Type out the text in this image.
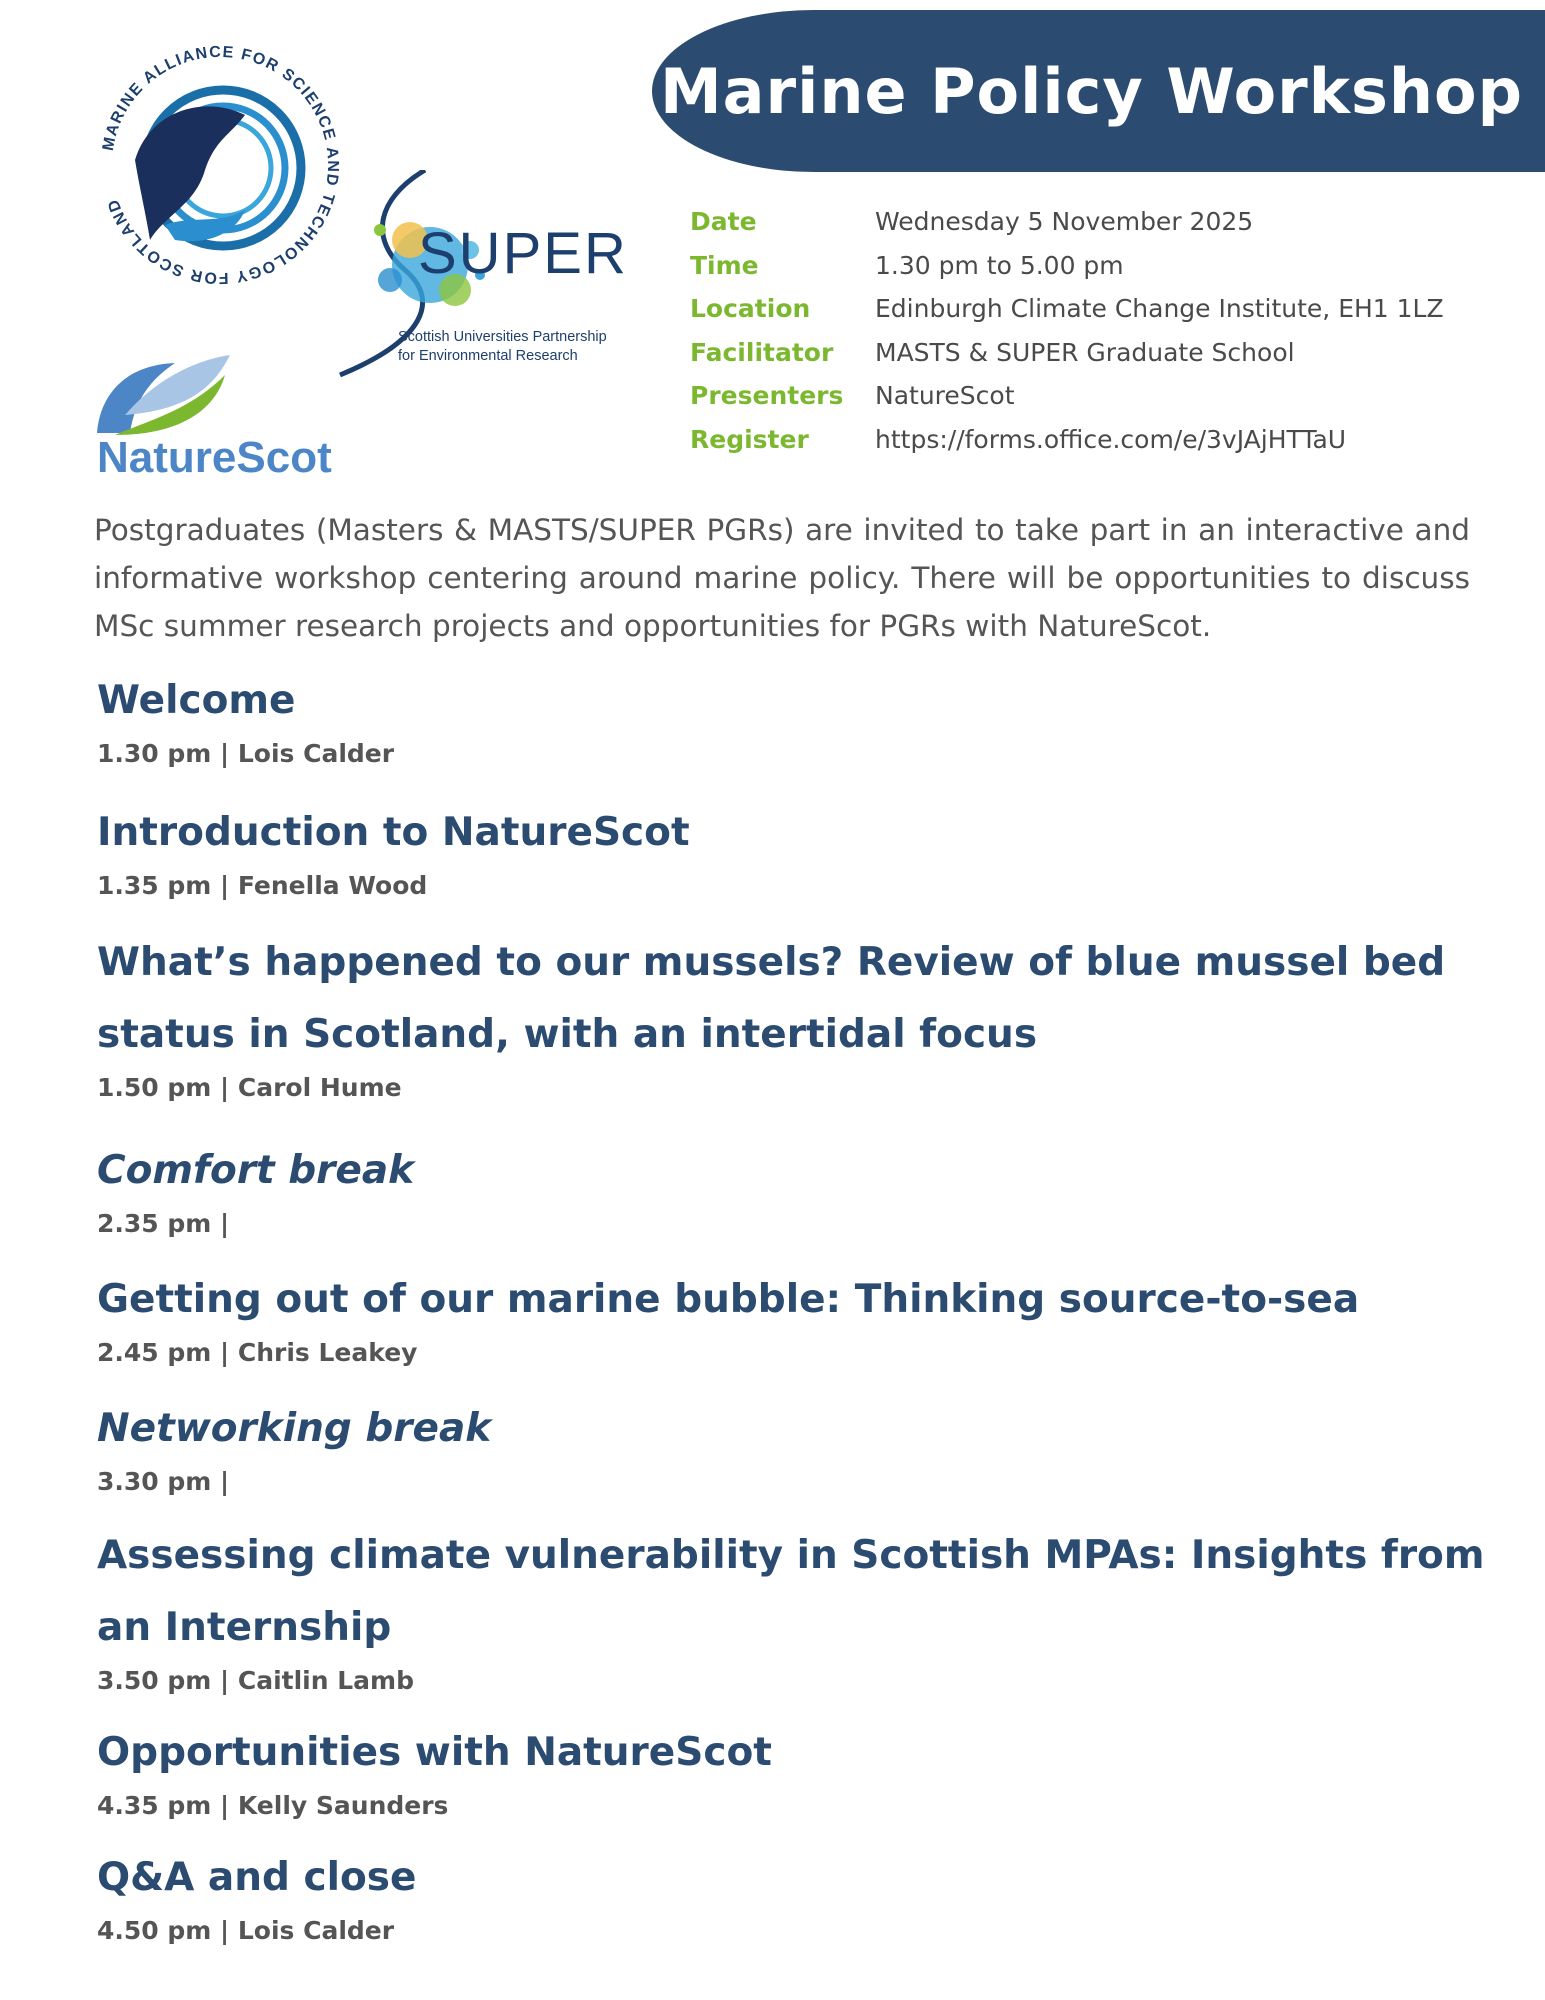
Marine Policy Workshop
MARINE ALLIANCE FOR SCIENCE AND TECHNOLOGY FOR SCOTLAND
SUPER
Scottish Universities Partnership
for Environmental Research
NatureScot
Date	Wednesday 5 November 2025
Time	1.30 pm to 5.00 pm
Location	Edinburgh Climate Change Institute, EH1 1LZ
Facilitator	MASTS & SUPER Graduate School
Presenters	NatureScot
Register	https://forms.office.com/e/3vJAjHTTaU
Postgraduates (Masters & MASTS/SUPER PGRs) are invited to take part in an interactive and informative workshop centering around marine policy. There will be opportunities to discuss MSc summer research projects and opportunities for PGRs with NatureScot.
Welcome
1.30 pm | Lois Calder
Introduction to NatureScot
1.35 pm | Fenella Wood
What’s happened to our mussels? Review of blue mussel bed status in Scotland, with an intertidal focus
1.50 pm | Carol Hume
Comfort break
2.35 pm |
Getting out of our marine bubble: Thinking source-to-sea
2.45 pm | Chris Leakey
Networking break
3.30 pm |
Assessing climate vulnerability in Scottish MPAs: Insights from an Internship
3.50 pm | Caitlin Lamb
Opportunities with NatureScot
4.35 pm | Kelly Saunders
Q&A and close
4.50 pm | Lois Calder
